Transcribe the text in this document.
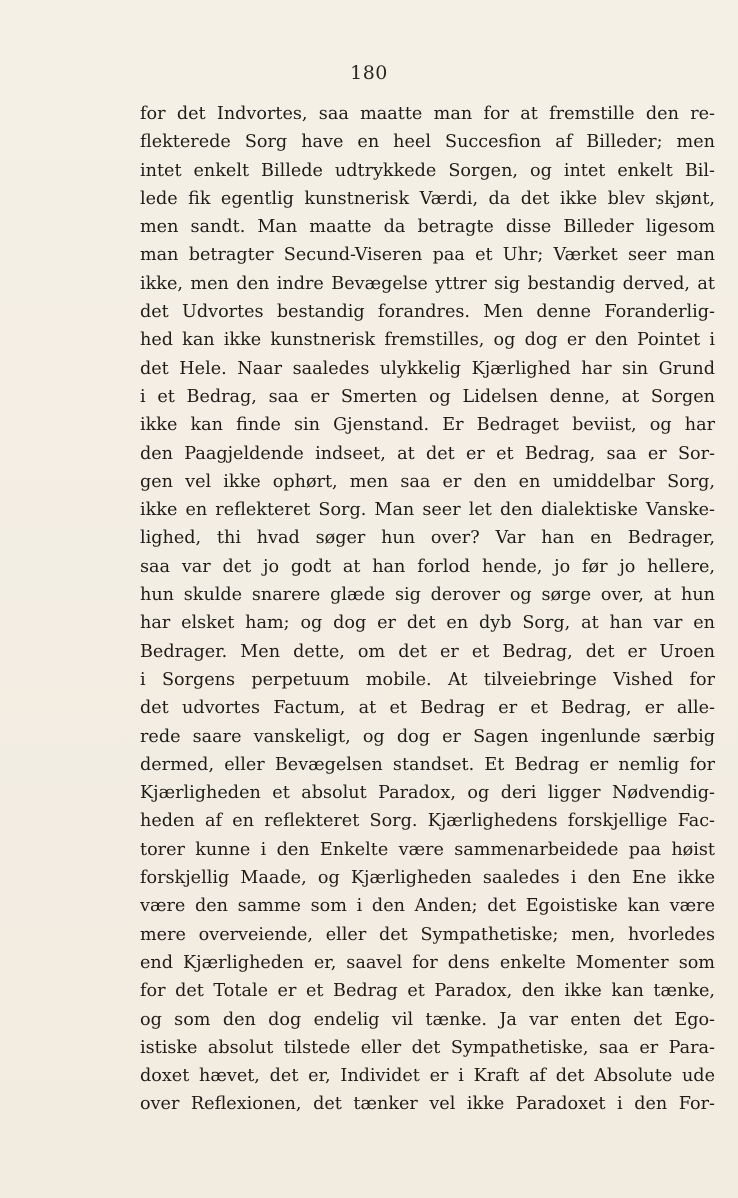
180
for det Indvortes, saa maatte man for at fremstille den re-
flekterede Sorg have en heel Succesfion af Billeder; men
intet enkelt Billede udtrykkede Sorgen, og intet enkelt Bil-
lede fik egentlig kunstnerisk Værdi, da det ikke blev skjønt,
men sandt. Man maatte da betragte disse Billeder ligesom
man betragter Secund-Viseren paa et Uhr; Værket seer man
ikke, men den indre Bevægelse yttrer sig bestandig derved, at
det Udvortes bestandig forandres. Men denne Foranderlig-
hed kan ikke kunstnerisk fremstilles, og dog er den Pointet i
det Hele. Naar saaledes ulykkelig Kjærlighed har sin Grund
i et Bedrag, saa er Smerten og Lidelsen denne, at Sorgen
ikke kan finde sin Gjenstand. Er Bedraget beviist, og har
den Paagjeldende indseet, at det er et Bedrag, saa er Sor-
gen vel ikke ophørt, men saa er den en umiddelbar Sorg,
ikke en reflekteret Sorg. Man seer let den dialektiske Vanske-
lighed, thi hvad søger hun over? Var han en Bedrager,
saa var det jo godt at han forlod hende, jo før jo hellere,
hun skulde snarere glæde sig derover og sørge over, at hun
har elsket ham; og dog er det en dyb Sorg, at han var en
Bedrager. Men dette, om det er et Bedrag, det er Uroen
i Sorgens perpetuum mobile. At tilveiebringe Vished for
det udvortes Factum, at et Bedrag er et Bedrag, er alle-
rede saare vanskeligt, og dog er Sagen ingenlunde særbig
dermed, eller Bevægelsen standset. Et Bedrag er nemlig for
Kjærligheden et absolut Paradox, og deri ligger Nødvendig-
heden af en reflekteret Sorg. Kjærlighedens forskjellige Fac-
torer kunne i den Enkelte være sammenarbeidede paa høist
forskjellig Maade, og Kjærligheden saaledes i den Ene ikke
være den samme som i den Anden; det Egoistiske kan være
mere overveiende, eller det Sympathetiske; men, hvorledes
end Kjærligheden er, saavel for dens enkelte Momenter som
for det Totale er et Bedrag et Paradox, den ikke kan tænke,
og som den dog endelig vil tænke. Ja var enten det Ego-
istiske absolut tilstede eller det Sympathetiske, saa er Para-
doxet hævet, det er, Individet er i Kraft af det Absolute ude
over Reflexionen, det tænker vel ikke Paradoxet i den For-
